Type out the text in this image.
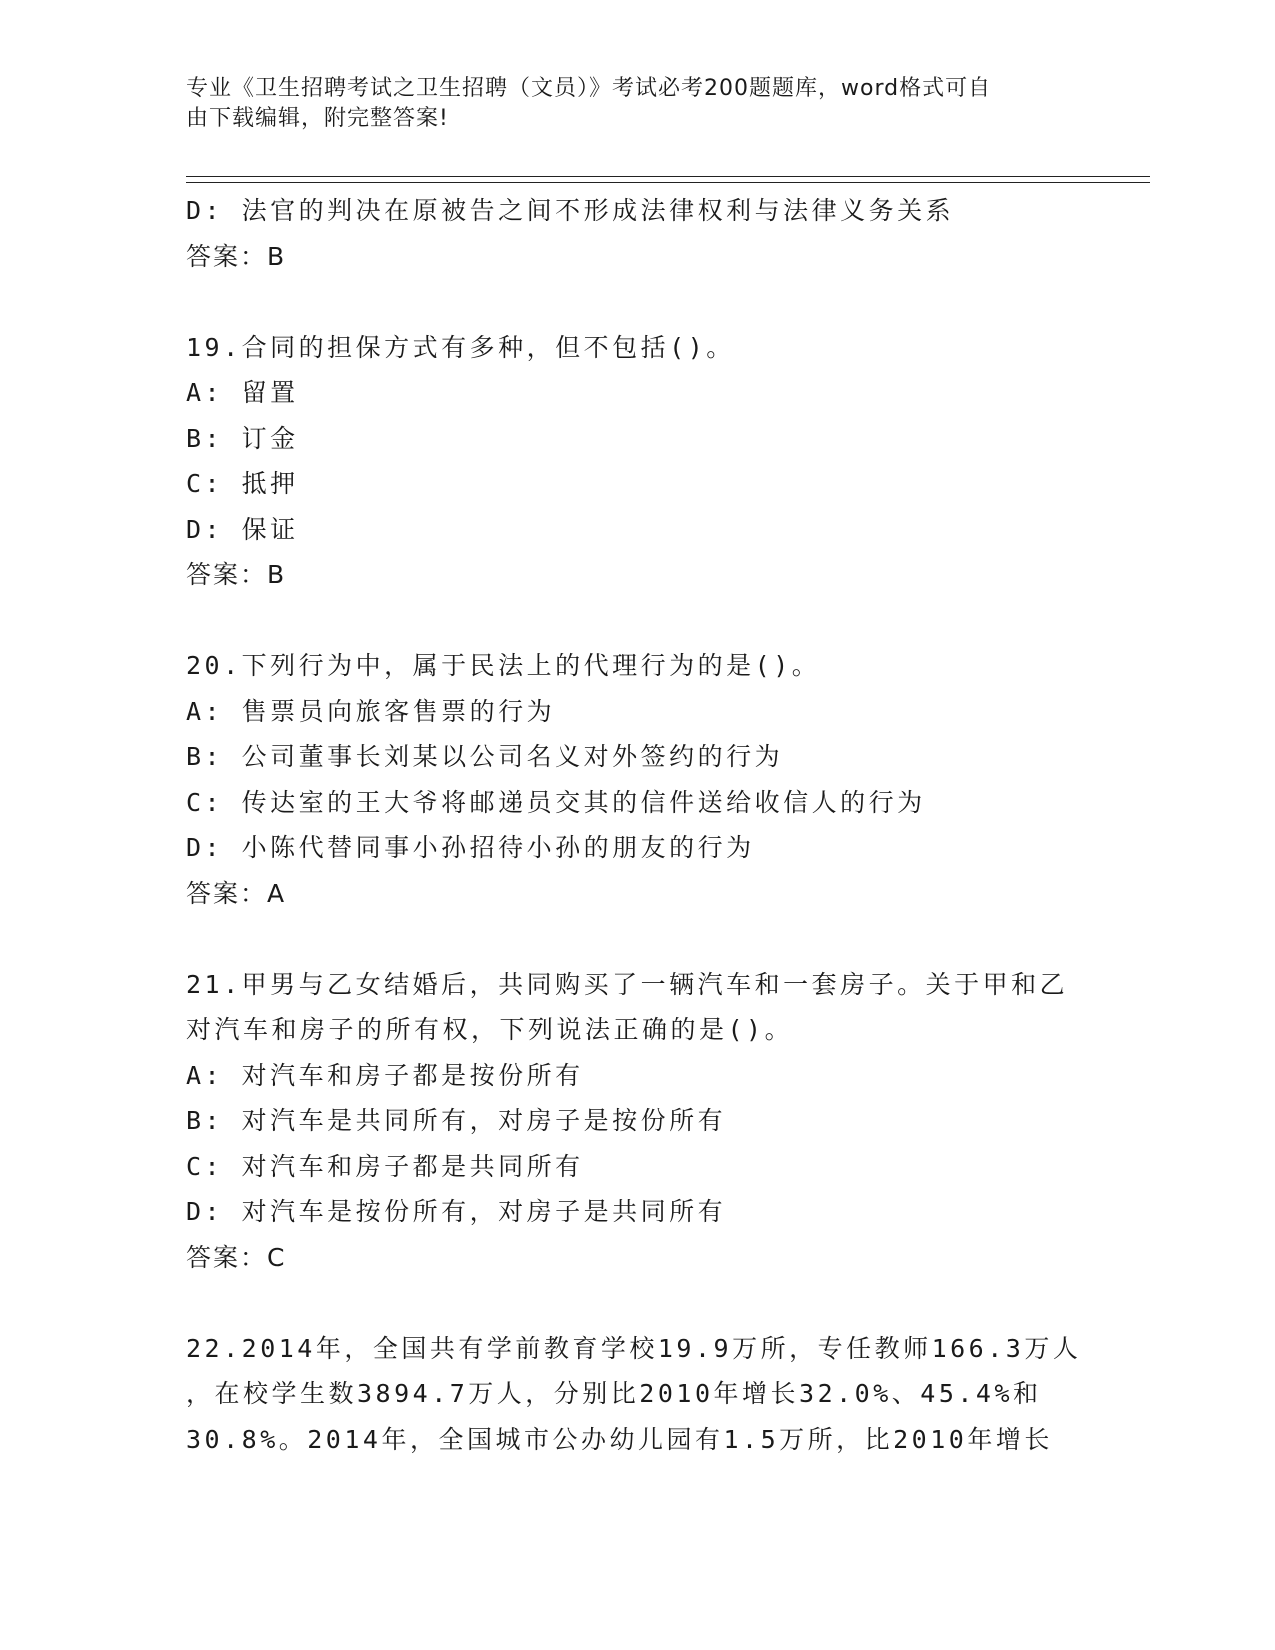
专业《卫生招聘考试之卫生招聘（文员）》考试必考200题题库，word格式可自
由下载编辑，附完整答案!
D: 法官的判决在原被告之间不形成法律权利与法律义务关系
答案：B
19.合同的担保方式有多种，但不包括()。
A: 留置
B: 订金
C: 抵押
D: 保证
答案：B
20.下列行为中，属于民法上的代理行为的是()。
A: 售票员向旅客售票的行为
B: 公司董事长刘某以公司名义对外签约的行为
C: 传达室的王大爷将邮递员交其的信件送给收信人的行为
D: 小陈代替同事小孙招待小孙的朋友的行为
答案：A
21.甲男与乙女结婚后，共同购买了一辆汽车和一套房子。关于甲和乙
对汽车和房子的所有权，下列说法正确的是()。
A: 对汽车和房子都是按份所有
B: 对汽车是共同所有，对房子是按份所有
C: 对汽车和房子都是共同所有
D: 对汽车是按份所有，对房子是共同所有
答案：C
22.2014年，全国共有学前教育学校19.9万所，专任教师166.3万人
，在校学生数3894.7万人，分别比2010年增长32.0%、45.4%和
30.8%。2014年，全国城市公办幼儿园有1.5万所，比2010年增长
